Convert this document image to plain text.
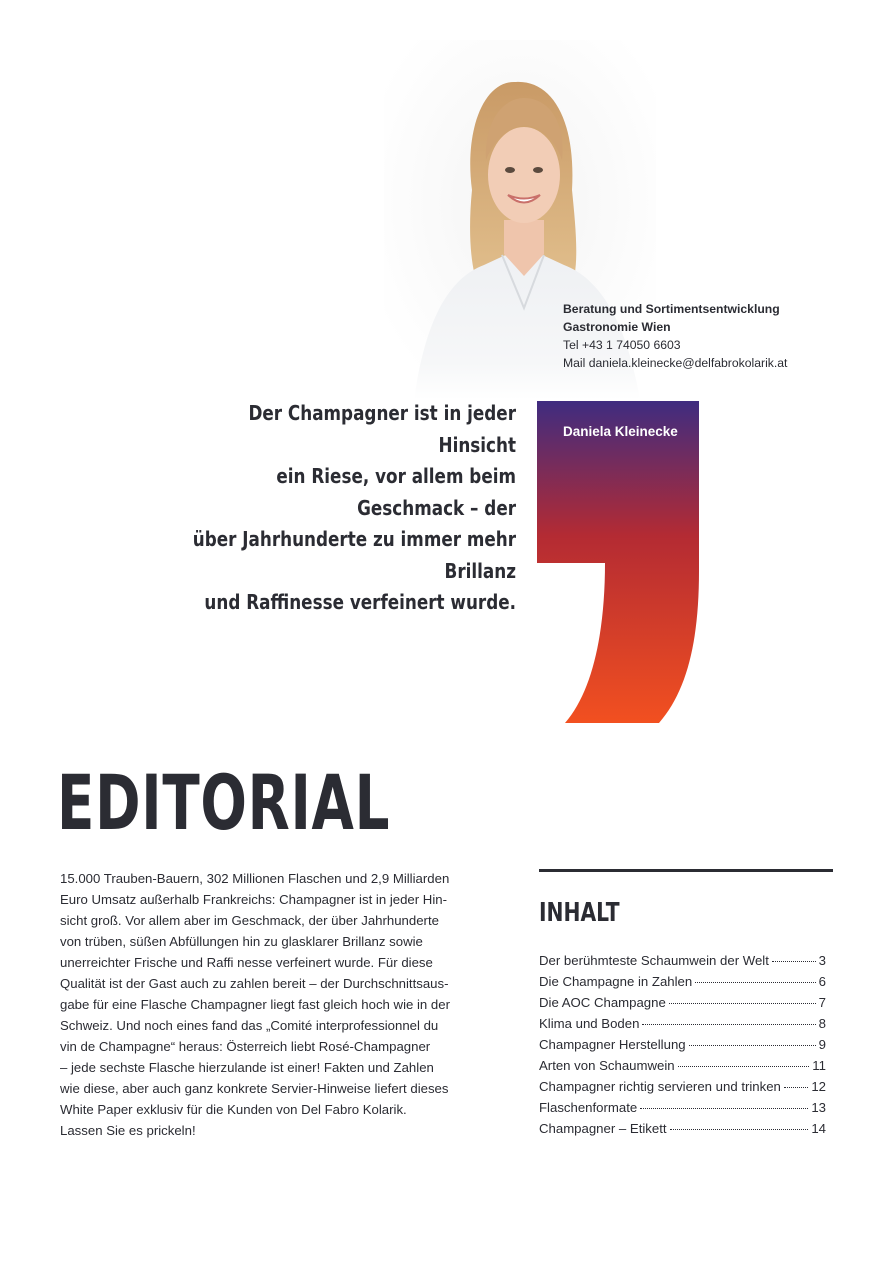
Beratung und Sortimentsentwicklung
Gastronomie Wien
Tel +43 1 74050 6603
Mail daniela.kleinecke@delfabrokolarik.at
Der Champagner ist in jeder Hinsicht
ein Riese, vor allem beim Geschmack – der
über Jahrhunderte zu immer mehr Brillanz
und Raffinesse verfeinert wurde.
Daniela Kleinecke
EDITORIAL
15.000 Trauben-Bauern, 302 Millionen Flaschen und 2,9 Milliarden
Euro Umsatz außerhalb Frankreichs: Champagner ist in jeder Hin-
sicht groß. Vor allem aber im Geschmack, der über Jahrhunderte
von trüben, süßen Abfüllungen hin zu glasklarer Brillanz sowie
unerreichter Frische und Raffi nesse verfeinert wurde. Für diese
Qualität ist der Gast auch zu zahlen bereit – der Durchschnittsaus-
gabe für eine Flasche Champagner liegt fast gleich hoch wie in der
Schweiz. Und noch eines fand das „Comité interprofessionnel du
vin de Champagne“ heraus: Österreich liebt Rosé-Champagner
– jede sechste Flasche hierzulande ist einer! Fakten und Zahlen
wie diese, aber auch ganz konkrete Servier-Hinweise liefert dieses
White Paper exklusiv für die Kunden von Del Fabro Kolarik.
Lassen Sie es prickeln!
INHALT
Der berühmteste Schaumwein der Welt	3
Die Champagne in Zahlen	6
Die AOC Champagne	7
Klima und Boden	8
Champagner Herstellung	9
Arten von Schaumwein	11
Champagner richtig servieren und trinken 12
Flaschenformate	13
Champagner – Etikett	14
